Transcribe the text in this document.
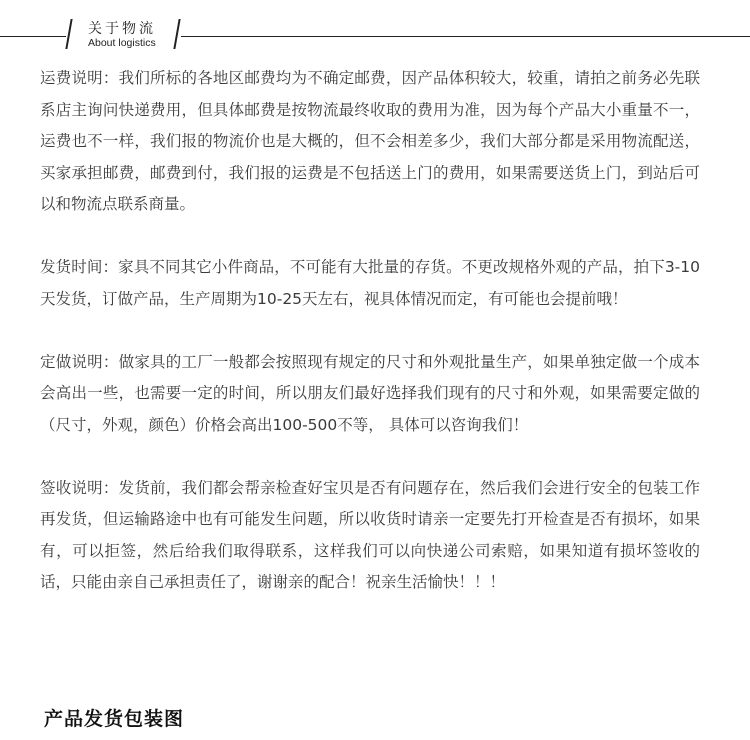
关于物流
About logistics

运费说明：我们所标的各地区邮费均为不确定邮费，因产品体积较大，较重，请拍之前务必先联系店主询问快递费用，但具体邮费是按物流最终收取的费用为准，因为每个产品大小重量不一，运费也不一样，我们报的物流价也是大概的，但不会相差多少，我们大部分都是采用物流配送，买家承担邮费，邮费到付，我们报的运费是不包括送上门的费用，如果需要送货上门，到站后可以和物流点联系商量。

发货时间：家具不同其它小件商品，不可能有大批量的存货。不更改规格外观的产品，拍下3-10天发货，订做产品，生产周期为10-25天左右，视具体情况而定，有可能也会提前哦！

定做说明：做家具的工厂一般都会按照现有规定的尺寸和外观批量生产，如果单独定做一个成本会高出一些，也需要一定的时间，所以朋友们最好选择我们现有的尺寸和外观，如果需要定做的（尺寸，外观，颜色）价格会高出100-500不等， 具体可以咨询我们！

签收说明：发货前，我们都会帮亲检查好宝贝是否有问题存在，然后我们会进行安全的包装工作再发货，但运输路途中也有可能发生问题，所以收货时请亲一定要先打开检查是否有损坏，如果有，可以拒签，然后给我们取得联系，这样我们可以向快递公司索赔，如果知道有损坏签收的话，只能由亲自己承担责任了，谢谢亲的配合！祝亲生活愉快！！！

产品发货包装图
